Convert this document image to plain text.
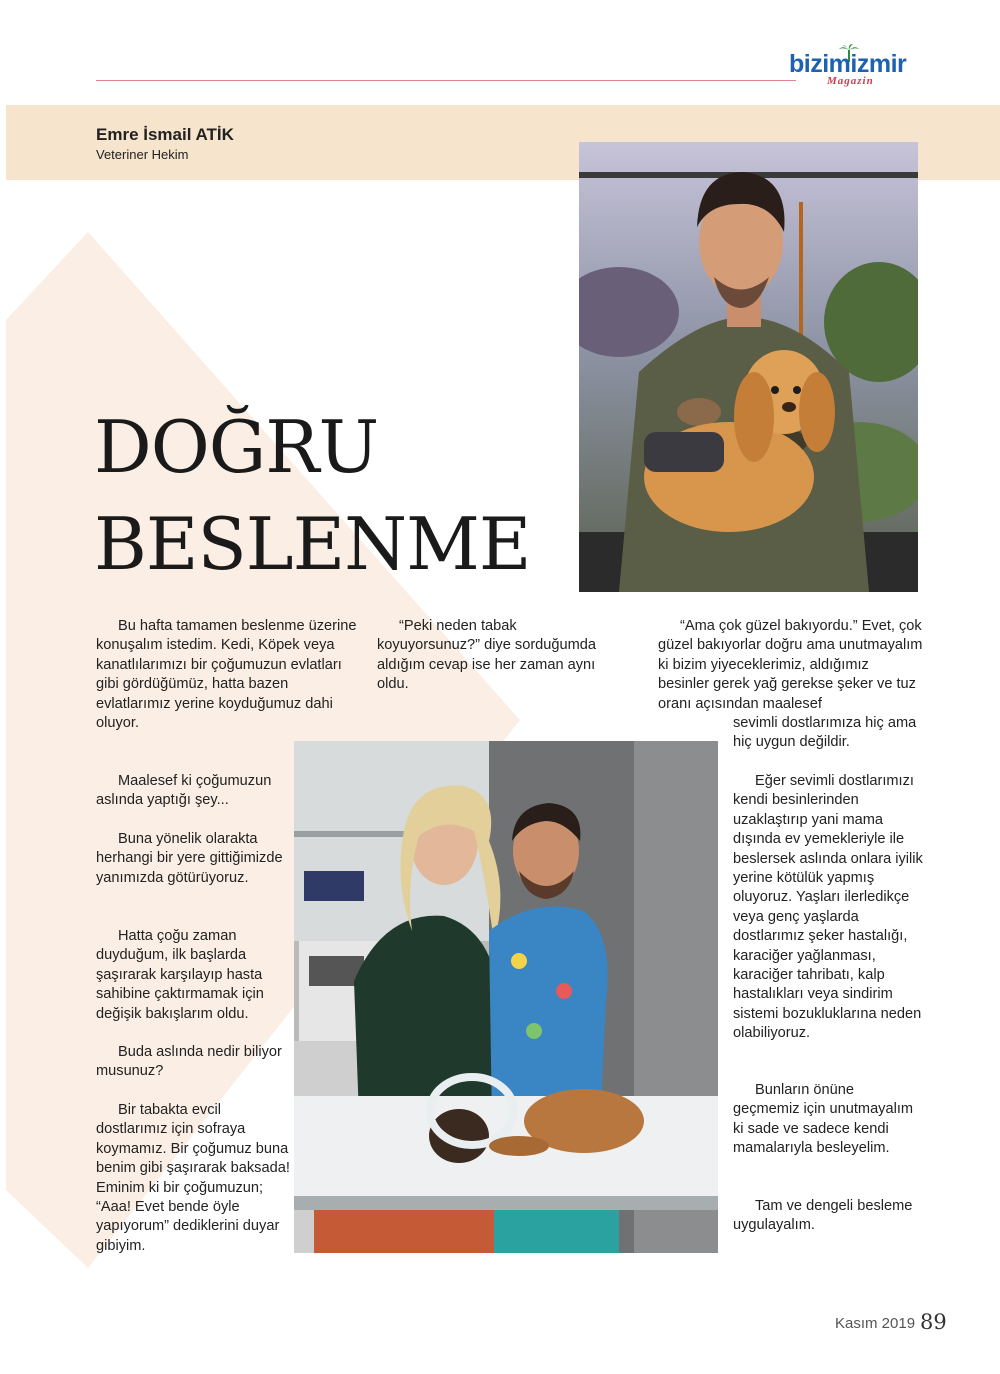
bizimizmir
Magazin
Emre İsmail ATİK
Veteriner Hekim
DOĞRU
BESLENME

Bu hafta tamamen beslenme üzerine konuşalım istedim. Kedi, Köpek veya kanatlılarımızı bir çoğumuzun evlatları gibi gördüğümüz, hatta bazen evlatlarımız yerine koyduğumuz dahi oluyor.

Maalesef ki çoğumuzun aslında yaptığı şey...

Buna yönelik olarakta herhangi bir yere gittiğimizde yanımızda götürüyoruz.

Hatta çoğu zaman duyduğum, ilk başlarda şaşırarak karşılayıp hasta sahibine çaktırmamak için değişik bakışlarım oldu.

Buda aslında nedir biliyor musunuz?

Bir tabakta evcil dostlarımız için sofraya koymamız. Bir çoğumuz buna benim gibi şaşırarak baksada! Eminim ki bir çoğumuzun; “Aaa! Evet bende öyle yapıyorum” dediklerini duyar gibiyim.

“Peki neden tabak koyuyorsunuz?” diye sorduğumda aldığım cevap ise her zaman aynı oldu.

“Ama çok güzel bakıyordu.” Evet, çok güzel bakıyorlar doğru ama unutmayalım ki bizim yiyeceklerimiz, aldığımız besinler gerek yağ gerekse şeker ve tuz oranı açısından maalesef

sevimli dostlarımıza hiç ama hiç uygun değildir.

Eğer sevimli dostlarımızı kendi besinlerinden uzaklaştırıp yani mama dışında ev yemekleriyle ile beslersek aslında onlara iyilik yerine kötülük yapmış oluyoruz. Yaşları ilerledikçe veya genç yaşlarda dostlarımız şeker hastalığı, karaciğer yağlanması, karaciğer tahribatı, kalp hastalıkları veya sindirim sistemi bozukluklarına neden olabiliyoruz.

Bunların önüne geçmemiz için unutmayalım ki sade ve sadece kendi mamalarıyla besleyelim.

Tam ve dengeli besleme uygulayalım.

Kasım 2019 89
